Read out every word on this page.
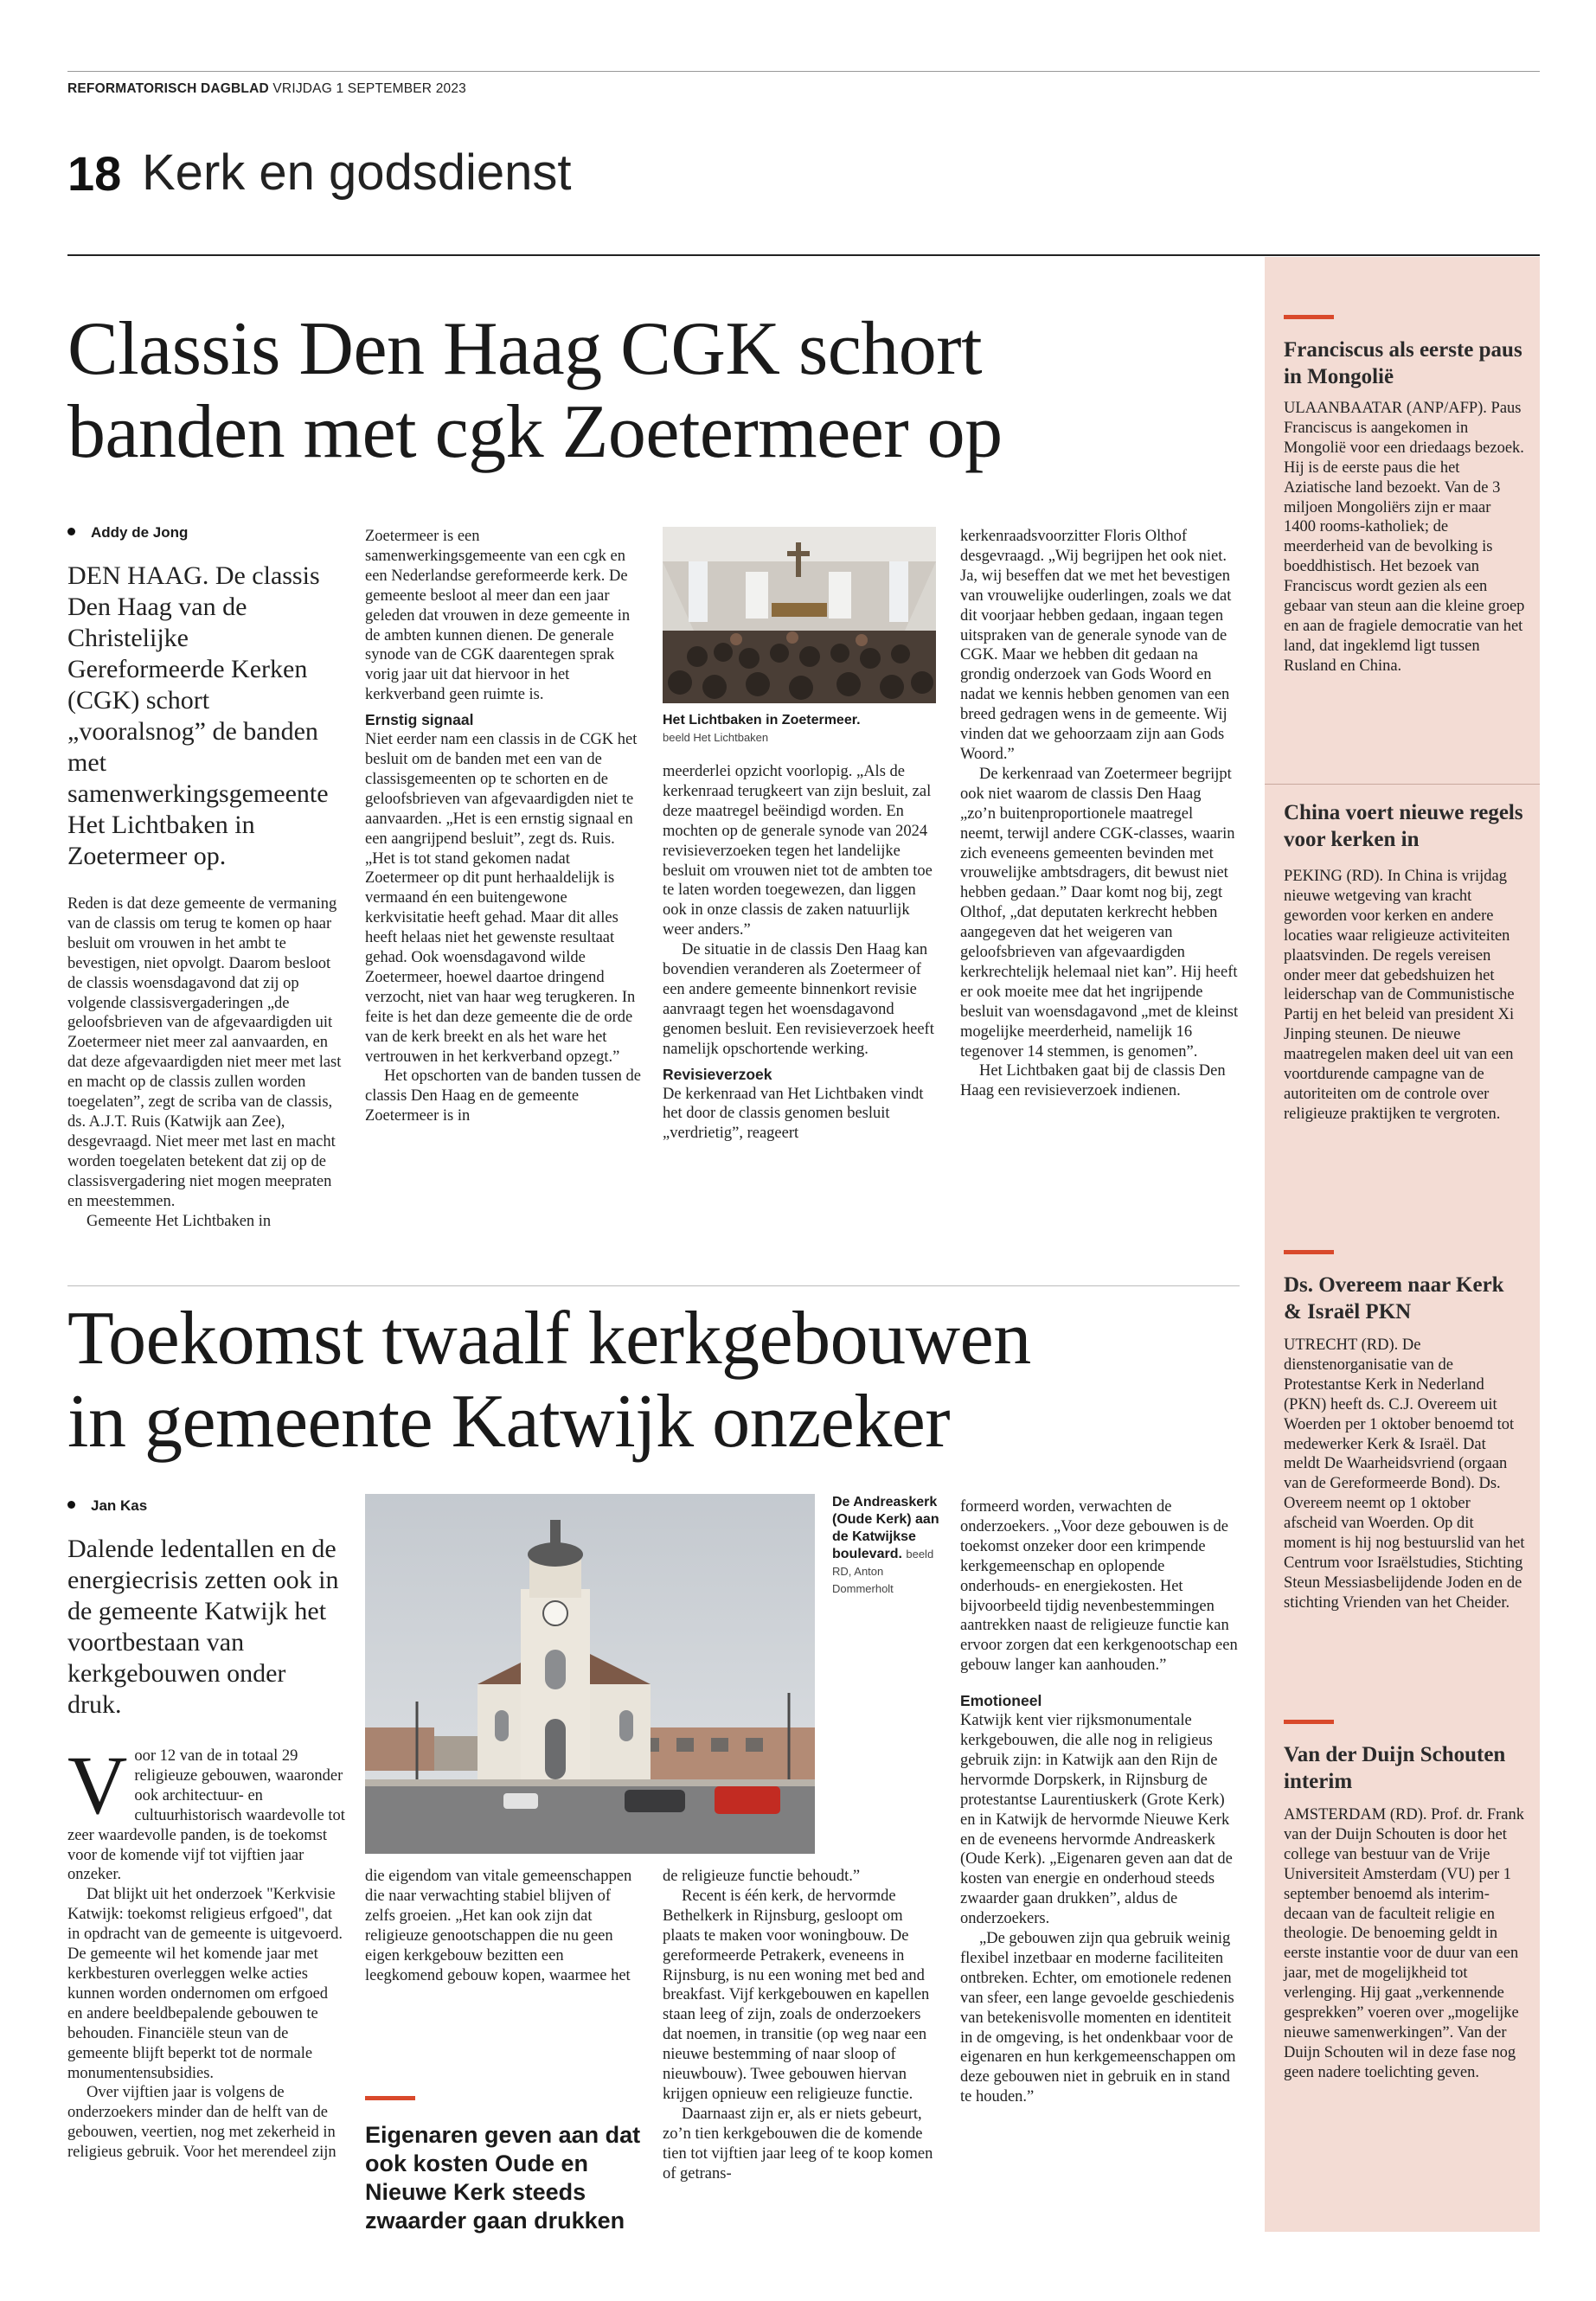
REFORMATORISCH DAGBLAD VRIJDAG 1 SEPTEMBER 2023
18 Kerk en godsdienst
Franciscus als eerste paus in Mongolië
ULAANBAATAR (ANP/AFP). Paus Franciscus is aangekomen in Mongolië voor een driedaags bezoek. Hij is de eerste paus die het Aziatische land bezoekt. Van de 3 miljoen Mongoliërs zijn er maar 1400 rooms-katholiek; de meerderheid van de bevolking is boeddhistisch. Het bezoek van Franciscus wordt gezien als een gebaar van steun aan die kleine groep en aan de fragiele democratie van het land, dat ingeklemd ligt tussen Rusland en China.
China voert nieuwe regels voor kerken in
PEKING (RD). In China is vrijdag nieuwe wetgeving van kracht geworden voor kerken en andere locaties waar religieuze activiteiten plaatsvinden. De regels vereisen onder meer dat gebedshuizen het leiderschap van de Communistische Partij en het beleid van president Xi Jinping steunen. De nieuwe maatregelen maken deel uit van een voortdurende campagne van de autoriteiten om de controle over religieuze praktijken te vergroten.
Ds. Overeem naar Kerk & Israël PKN
UTRECHT (RD). De dienstenorganisatie van de Protestantse Kerk in Nederland (PKN) heeft ds. C.J. Overeem uit Woerden per 1 oktober benoemd tot medewerker Kerk & Israël. Dat meldt De Waarheidsvriend (orgaan van de Gereformeerde Bond). Ds. Overeem neemt op 1 oktober afscheid van Woerden. Op dit moment is hij nog bestuurslid van het Centrum voor Israëlstudies, Stichting Steun Messiasbelijdende Joden en de stichting Vrienden van het Cheider.
Van der Duijn Schouten interim
AMSTERDAM (RD). Prof. dr. Frank van der Duijn Schouten is door het college van bestuur van de Vrije Universiteit Amsterdam (VU) per 1 september benoemd als interim-decaan van de faculteit religie en theologie. De benoeming geldt in eerste instantie voor de duur van een jaar, met de mogelijkheid tot verlenging. Hij gaat „verkennende gesprekken” voeren over „mogelijke nieuwe samenwerkingen”. Van der Duijn Schouten wil in deze fase nog geen nadere toelichting geven.
Classis Den Haag CGK schort
banden met cgk Zoetermeer op
Addy de Jong
DEN HAAG. De classis Den Haag van de Christelijke Gereformeerde Kerken (CGK) schort „vooralsnog” de banden met samenwerkingsgemeente Het Lichtbaken in Zoetermeer op.

Reden is dat deze gemeente de vermaning van de classis om terug te komen op haar besluit om vrouwen in het ambt te bevestigen, niet opvolgt. Daarom besloot de classis woensdagavond dat zij op volgende classisvergaderingen „de geloofsbrieven van de afgevaardigden uit Zoetermeer niet meer zal aanvaarden, en dat deze afgevaardigden niet meer met last en macht op de classis zullen worden toegelaten”, zegt de scriba van de classis, ds. A.J.T. Ruis (Katwijk aan Zee), desgevraagd. Niet meer met last en macht worden toegelaten betekent dat zij op de classisvergadering niet mogen meepraten en meestemmen.

Gemeente Het Lichtbaken in

Zoetermeer is een samenwerkingsgemeente van een cgk en een Nederlandse gereformeerde kerk. De gemeente besloot al meer dan een jaar geleden dat vrouwen in deze gemeente in de ambten kunnen dienen. De generale synode van de CGK daarentegen sprak vorig jaar uit dat hiervoor in het kerkverband geen ruimte is.

Ernstig signaal

Niet eerder nam een classis in de CGK het besluit om de banden met een van de classisgemeenten op te schorten en de geloofsbrieven van afgevaardigden niet te aanvaarden. „Het is een ernstig signaal en een aangrijpend besluit”, zegt ds. Ruis. „Het is tot stand gekomen nadat Zoetermeer op dit punt herhaaldelijk is vermaand én een buitengewone kerkvisitatie heeft gehad. Maar dit alles heeft helaas niet het gewenste resultaat gehad. Ook woensdagavond wilde Zoetermeer, hoewel daartoe dringend verzocht, niet van haar weg terugkeren. In feite is het dan deze gemeente die de orde van de kerk breekt en als het ware het vertrouwen in het kerkverband opzegt.”

Het opschorten van de banden tussen de classis Den Haag en de gemeente Zoetermeer is in

Het Lichtbaken in Zoetermeer. beeld Het Lichtbaken

meerderlei opzicht voorlopig. „Als de kerkenraad terugkeert van zijn besluit, zal deze maatregel beëindigd worden. En mochten op de generale synode van 2024 revisieverzoeken tegen het landelijke besluit om vrouwen niet tot de ambten toe te laten worden toegewezen, dan liggen ook in onze classis de zaken natuurlijk weer anders.”

De situatie in de classis Den Haag kan bovendien veranderen als Zoetermeer of een andere gemeente binnenkort revisie aanvraagt tegen het woensdagavond genomen besluit. Een revisieverzoek heeft namelijk opschortende werking.

Revisieverzoek

De kerkenraad van Het Lichtbaken vindt het door de classis genomen besluit „verdrietig”, reageert

kerkenraadsvoorzitter Floris Olthof desgevraagd. „Wij begrijpen het ook niet. Ja, wij beseffen dat we met het bevestigen van vrouwelijke ouderlingen, zoals we dat dit voorjaar hebben gedaan, ingaan tegen uitspraken van de generale synode van de CGK. Maar we hebben dit gedaan na grondig onderzoek van Gods Woord en nadat we kennis hebben genomen van een breed gedragen wens in de gemeente. Wij vinden dat we gehoorzaam zijn aan Gods Woord.”

De kerkenraad van Zoetermeer begrijpt ook niet waarom de classis Den Haag „zo’n buitenproportionele maatregel neemt, terwijl andere CGK-classes, waarin zich eveneens gemeenten bevinden met vrouwelijke ambtsdragers, dit bewust niet hebben gedaan.” Daar komt nog bij, zegt Olthof, „dat deputaten kerkrecht hebben aangegeven dat het weigeren van geloofsbrieven van afgevaardigden kerkrechtelijk helemaal niet kan”. Hij heeft er ook moeite mee dat het ingrijpende besluit van woensdagavond „met de kleinst mogelijke meerderheid, namelijk 16 tegenover 14 stemmen, is genomen”.

Het Lichtbaken gaat bij de classis Den Haag een revisieverzoek indienen.

Toekomst twaalf kerkgebouwen
in gemeente Katwijk onzeker
Jan Kas
Dalende ledentallen en de energiecrisis zetten ook in de gemeente Katwijk het voortbestaan van kerkgebouwen onder druk.
V oor 12 van de in totaal 29 religieuze gebouwen, waaronder ook architectuur- en cultuurhistorisch waardevolle tot zeer waardevolle panden, is de toekomst voor de komende vijf tot vijftien jaar onzeker.

Dat blijkt uit het onderzoek "Kerkvisie Katwijk: toekomst religieus erfgoed", dat in opdracht van de gemeente is uitgevoerd. De gemeente wil het komende jaar met kerkbesturen overleggen welke acties kunnen worden ondernomen om erfgoed en andere beeldbepalende gebouwen te behouden. Financiële steun van de gemeente blijft beperkt tot de normale monumentensubsidies.

Over vijftien jaar is volgens de onderzoekers minder dan de helft van de gebouwen, veertien, nog met zekerheid in religieus gebruik. Voor het merendeel zijn

De Andreaskerk (Oude Kerk) aan de Katwijkse boulevard. beeld RD, Anton Dommerholt

die eigendom van vitale gemeenschappen die naar verwachting stabiel blijven of zelfs groeien. „Het kan ook zijn dat religieuze genootschappen die nu geen eigen kerkgebouw bezitten een leegkomend gebouw kopen, waarmee het

Eigenaren geven aan dat ook kosten Oude en Nieuwe Kerk steeds zwaarder gaan drukken

de religieuze functie behoudt.”

Recent is één kerk, de hervormde Bethelkerk in Rijnsburg, gesloopt om plaats te maken voor woningbouw. De gereformeerde Petrakerk, eveneens in Rijnsburg, is nu een woning met bed and breakfast. Vijf kerkgebouwen en kapellen staan leeg of zijn, zoals de onderzoekers dat noemen, in transitie (op weg naar een nieuwe bestemming of naar sloop of nieuwbouw). Twee gebouwen hiervan krijgen opnieuw een religieuze functie.

Daarnaast zijn er, als er niets gebeurt, zo’n tien kerkgebouwen die de komende tien tot vijftien jaar leeg of te koop komen of getrans-

formeerd worden, verwachten de onderzoekers. „Voor deze gebouwen is de toekomst onzeker door een krimpende kerkgemeenschap en oplopende onderhouds- en energiekosten. Het bijvoorbeeld tijdig nevenbestemmingen aantrekken naast de religieuze functie kan ervoor zorgen dat een kerkgenootschap een gebouw langer kan aanhouden.”

Emotioneel

Katwijk kent vier rijksmonumentale kerkgebouwen, die alle nog in religieus gebruik zijn: in Katwijk aan den Rijn de hervormde Dorpskerk, in Rijnsburg de protestantse Laurentiuskerk (Grote Kerk) en in Katwijk de hervormde Nieuwe Kerk en de eveneens hervormde Andreaskerk (Oude Kerk). „Eigenaren geven aan dat de kosten van energie en onderhoud steeds zwaarder gaan drukken”, aldus de onderzoekers.

„De gebouwen zijn qua gebruik weinig flexibel inzetbaar en moderne faciliteiten ontbreken. Echter, om emotionele redenen van sfeer, een lange gevoelde geschiedenis van betekenisvolle momenten en identiteit in de omgeving, is het ondenkbaar voor de eigenaren en hun kerkgemeenschappen om deze gebouwen niet in gebruik en in stand te houden.”
